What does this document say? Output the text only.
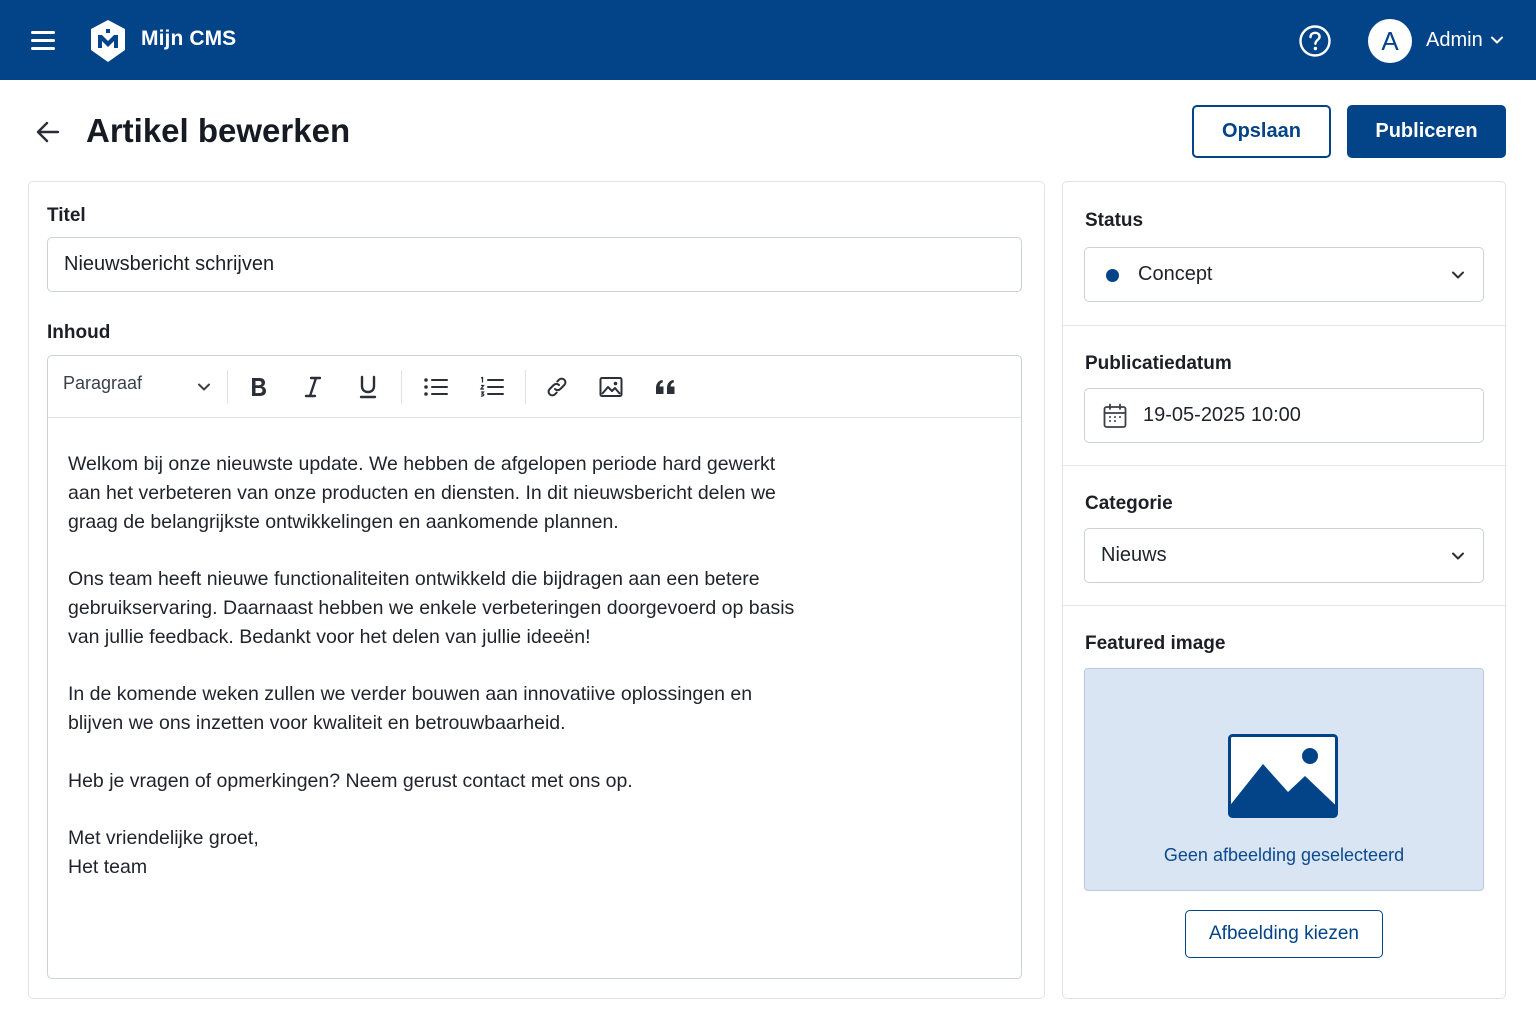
Mijn CMS	A	Admin
Artikel bewerken	Opslaan	Publiceren
Titel
Nieuwsbericht schrijven
Inhoud
Paragraaf

Welkom bij onze nieuwste update. We hebben de afgelopen periode hard gewerkt
aan het verbeteren van onze producten en diensten. In dit nieuwsbericht delen we
graag de belangrijkste ontwikkelingen en aankomende plannen.

Ons team heeft nieuwe functionaliteiten ontwikkeld die bijdragen aan een betere
gebruikservaring. Daarnaast hebben we enkele verbeteringen doorgevoerd op basis
van jullie feedback. Bedankt voor het delen van jullie ideeën!

In de komende weken zullen we verder bouwen aan innovatiive oplossingen en
blijven we ons inzetten voor kwaliteit en betrouwbaarheid.

Heb je vragen of opmerkingen? Neem gerust contact met ons op.

Met vriendelijke groet,
Het team

Status
Concept
Publicatiedatum
19-05-2025 10:00
Categorie
Nieuws
Featured image
Geen afbeelding geselecteerd
Afbeelding kiezen
